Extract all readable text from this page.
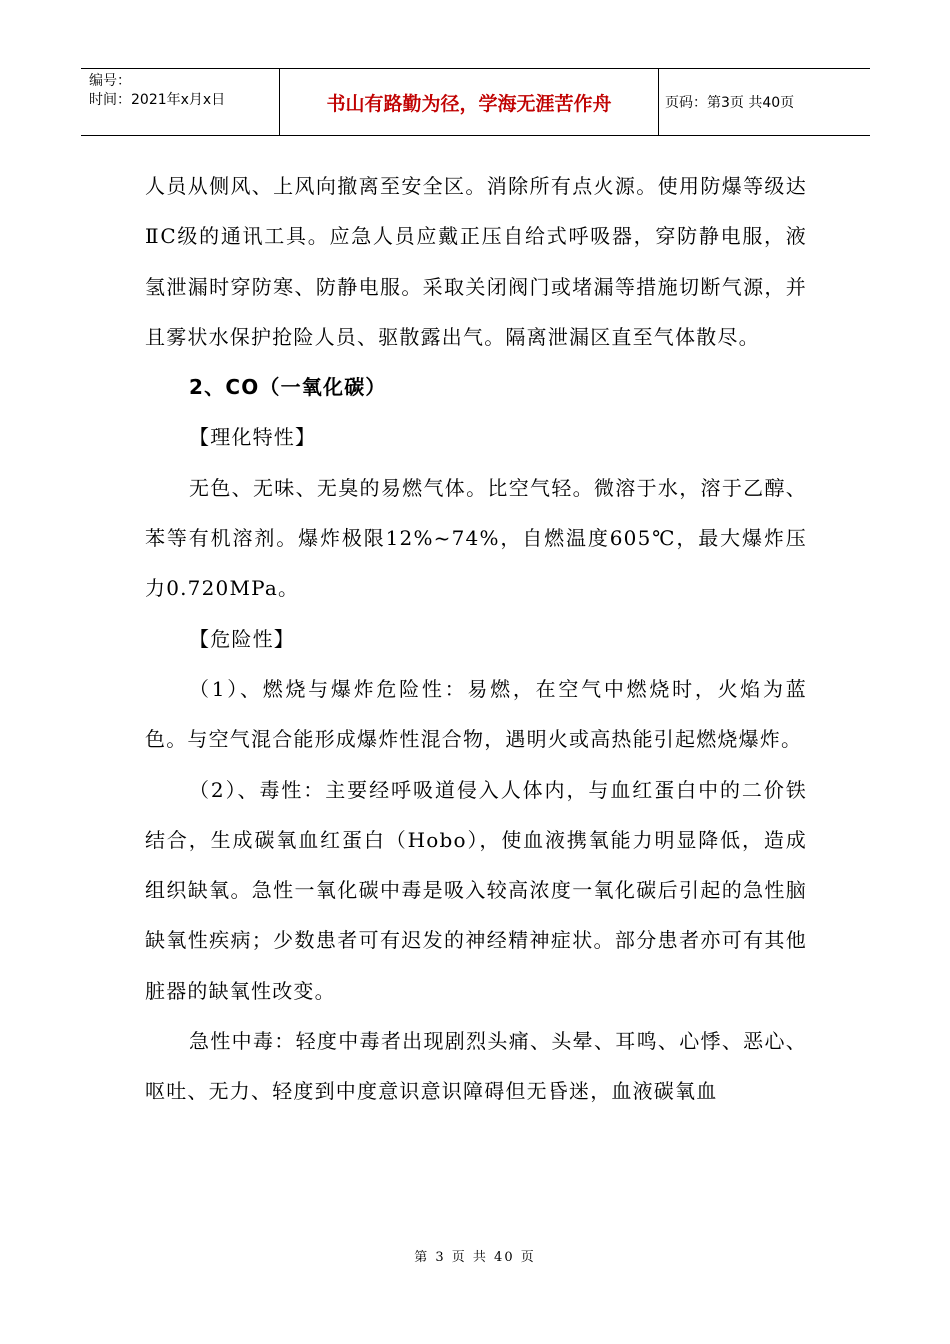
编号：
时间：2021年x月x日	书山有路勤为径，学海无涯苦作舟	页码：第3页 共40页

人员从侧风、上风向撤离至安全区。消除所有点火源。使用防爆等级达ⅡC级的通讯工具。应急人员应戴正压自给式呼吸器，穿防静电服，液氢泄漏时穿防寒、防静电服。采取关闭阀门或堵漏等措施切断气源，并且雾状水保护抢险人员、驱散露出气。隔离泄漏区直至气体散尽。

2、CO（一氧化碳）

【理化特性】

无色、无味、无臭的易燃气体。比空气轻。微溶于水，溶于乙醇、苯等有机溶剂。爆炸极限12%~74%，自燃温度605℃，最大爆炸压力0.720MPa。

【危险性】

（1）、燃烧与爆炸危险性：易燃，在空气中燃烧时，火焰为蓝色。与空气混合能形成爆炸性混合物，遇明火或高热能引起燃烧爆炸。

（2）、毒性：主要经呼吸道侵入人体内，与血红蛋白中的二价铁结合，生成碳氧血红蛋白（Hobo），使血液携氧能力明显降低，造成组织缺氧。急性一氧化碳中毒是吸入较高浓度一氧化碳后引起的急性脑缺氧性疾病；少数患者可有迟发的神经精神症状。部分患者亦可有其他脏器的缺氧性改变。

急性中毒：轻度中毒者出现剧烈头痛、头晕、耳鸣、心悸、恶心、呕吐、无力、轻度到中度意识意识障碍但无昏迷，血液碳氧血

第 3 页 共 40 页
